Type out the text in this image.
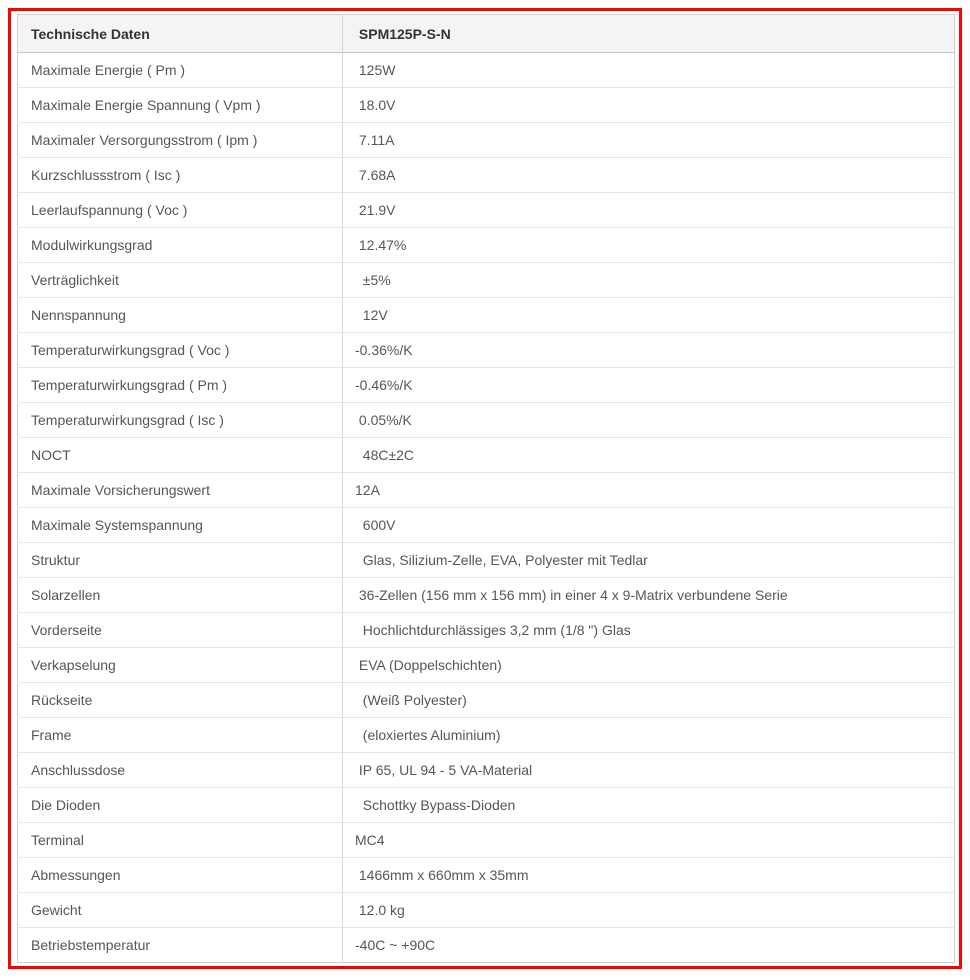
Technische Daten	SPM125P-S-N
Maximale Energie ( Pm )	125W
Maximale Energie Spannung ( Vpm )	18.0V
Maximaler Versorgungsstrom ( Ipm )	7.11A
Kurzschlussstrom ( Isc )	7.68A
Leerlaufspannung ( Voc )	21.9V
Modulwirkungsgrad	12.47%
Verträglichkeit	±5%
Nennspannung	12V
Temperaturwirkungsgrad ( Voc )	-0.36%/K
Temperaturwirkungsgrad ( Pm )	-0.46%/K
Temperaturwirkungsgrad ( Isc )	0.05%/K
NOCT	48C±2C
Maximale Vorsicherungswert	12A
Maximale Systemspannung	600V
Struktur	Glas, Silizium-Zelle, EVA, Polyester mit Tedlar
Solarzellen	36-Zellen (156 mm x 156 mm) in einer 4 x 9-Matrix verbundene Serie
Vorderseite	Hochlichtdurchlässiges 3,2 mm (1/8 ") Glas
Verkapselung	EVA (Doppelschichten)
Rückseite	(Weiß Polyester)
Frame	(eloxiertes Aluminium)
Anschlussdose	IP 65, UL 94 - 5 VA-Material
Die Dioden	Schottky Bypass-Dioden
Terminal	MC4
Abmessungen	1466mm x 660mm x 35mm
Gewicht	12.0 kg
Betriebstemperatur	-40C ~ +90C
